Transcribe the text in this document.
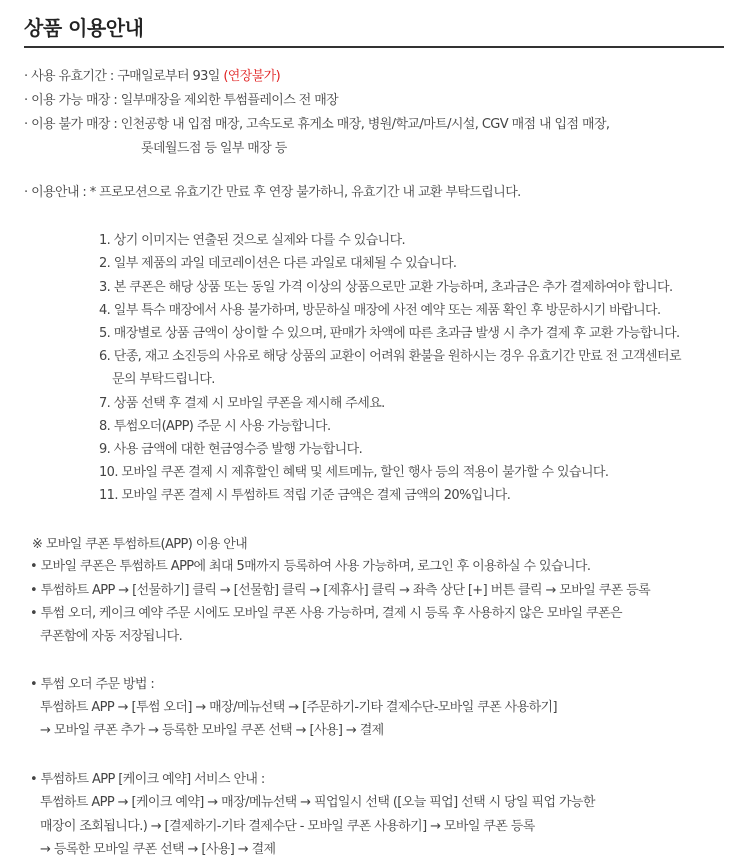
상품 이용안내
· 사용 유효기간 : 구매일로부터 93일 (연장불가)
· 이용 가능 매장 : 일부매장을 제외한 투썸플레이스 전 매장
· 이용 불가 매장 : 인천공항 내 입점 매장, 고속도로 휴게소 매장, 병원/학교/마트/시설, CGV 매점 내 입점 매장,
롯데월드점 등 일부 매장 등
· 이용안내 : * 프로모션으로 유효기간 만료 후 연장 불가하니, 유효기간 내 교환 부탁드립니다.
1. 상기 이미지는 연출된 것으로 실제와 다를 수 있습니다.
2. 일부 제품의 과일 데코레이션은 다른 과일로 대체될 수 있습니다.
3. 본 쿠폰은 해당 상품 또는 동일 가격 이상의 상품으로만 교환 가능하며, 초과금은 추가 결제하여야 합니다.
4. 일부 특수 매장에서 사용 불가하며, 방문하실 매장에 사전 예약 또는 제품 확인 후 방문하시기 바랍니다.
5. 매장별로 상품 금액이 상이할 수 있으며, 판매가 차액에 따른 초과금 발생 시 추가 결제 후 교환 가능합니다.
6. 단종, 재고 소진등의 사유로 해당 상품의 교환이 어려워 환불을 원하시는 경우 유효기간 만료 전 고객센터로
문의 부탁드립니다.
7. 상품 선택 후 결제 시 모바일 쿠폰을 제시해 주세요.
8. 투썸오더(APP) 주문 시 사용 가능합니다.
9. 사용 금액에 대한 현금영수증 발행 가능합니다.
10. 모바일 쿠폰 결제 시 제휴할인 혜택 및 세트메뉴, 할인 행사 등의 적용이 불가할 수 있습니다.
11. 모바일 쿠폰 결제 시 투썸하트 적립 기준 금액은 결제 금액의 20%입니다.
※ 모바일 쿠폰 투썸하트(APP) 이용 안내
• 모바일 쿠폰은 투썸하트 APP에 최대 5매까지 등록하여 사용 가능하며, 로그인 후 이용하실 수 있습니다.
• 투썸하트 APP → [선물하기] 클릭 → [선물함] 클릭 → [제휴사] 클릭 → 좌측 상단 [+] 버튼 클릭 → 모바일 쿠폰 등록
• 투썸 오더, 케이크 예약 주문 시에도 모바일 쿠폰 사용 가능하며, 결제 시 등록 후 사용하지 않은 모바일 쿠폰은
쿠폰함에 자동 저장됩니다.
• 투썸 오더 주문 방법 :
투썸하트 APP → [투썸 오더] → 매장/메뉴선택 → [주문하기-기타 결제수단-모바일 쿠폰 사용하기]
→ 모바일 쿠폰 추가 → 등록한 모바일 쿠폰 선택 → [사용] → 결제
• 투썸하트 APP [케이크 예약] 서비스 안내 :
투썸하트 APP → [케이크 예약] → 매장/메뉴선택 → 픽업일시 선택 ([오늘 픽업] 선택 시 당일 픽업 가능한
매장이 조회됩니다.) → [결제하기-기타 결제수단 - 모바일 쿠폰 사용하기] → 모바일 쿠폰 등록
→ 등록한 모바일 쿠폰 선택 → [사용] → 결제
